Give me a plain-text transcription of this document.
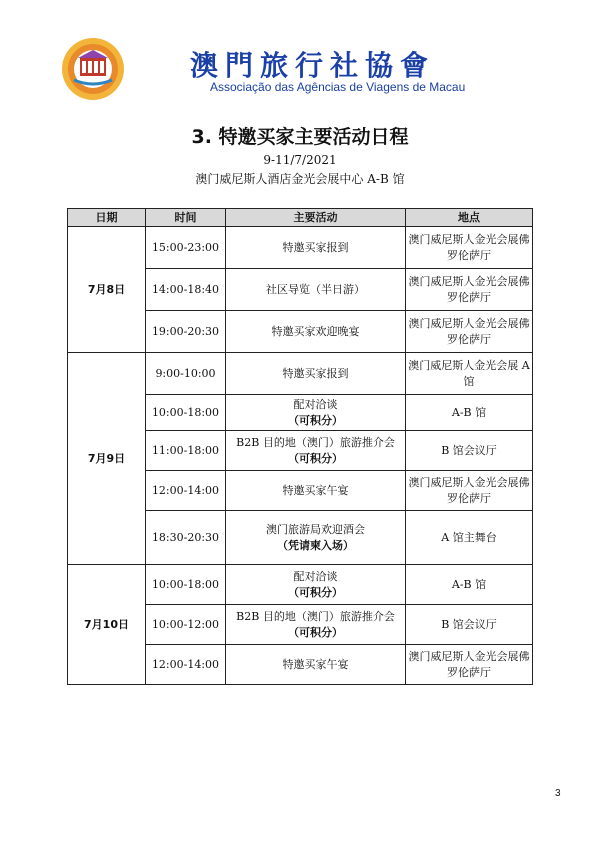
澳門旅行社協會
Associação das Agências de Viagens de Macau
3. 特邀买家主要活动日程
9-11/7/2021
澳门威尼斯人酒店金光会展中心 A-B 馆
日期	时间	主要活动	地点
7月8日	15:00-23:00	特邀买家报到	澳门威尼斯人金光会展佛
罗伦萨厅

	14:00-18:40	社区导览（半日游）	澳门威尼斯人金光会展佛
罗伦萨厅

	19:00-20:30	特邀买家欢迎晚宴	澳门威尼斯人金光会展佛
罗伦萨厅

7月9日	9:00-10:00	特邀买家报到	澳门威尼斯人金光会展 A
馆

	10:00-18:00	配对洽谈
（可积分）	A-B 馆

	11:00-18:00	B2B 目的地（澳门）旅游推介会
（可积分）	B 馆会议厅

	12:00-14:00	特邀买家午宴	澳门威尼斯人金光会展佛
罗伦萨厅

	18:30-20:30	澳门旅游局欢迎酒会
（凭请柬入场）	A 馆主舞台

7月10日	10:00-18:00	配对洽谈
（可积分）	A-B 馆

	10:00-12:00	B2B 目的地（澳门）旅游推介会
（可积分）	B 馆会议厅

	12:00-14:00	特邀买家午宴	澳门威尼斯人金光会展佛
罗伦萨厅
3
